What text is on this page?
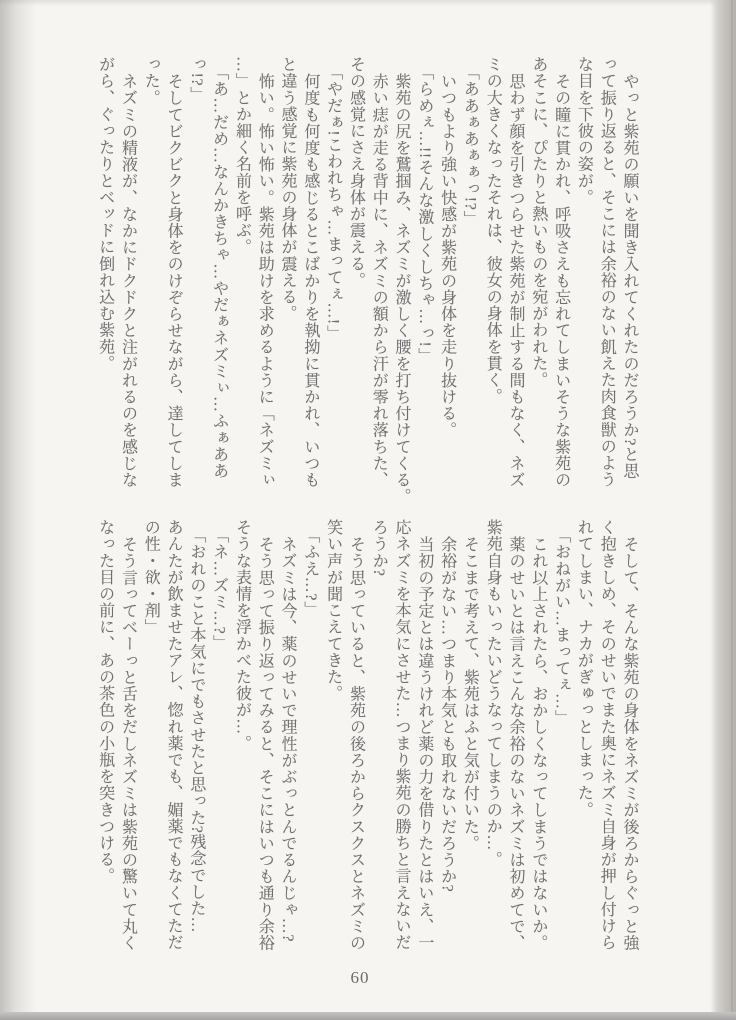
やっと紫苑の願いを聞き入れてくれたのだろうか?と思
って振り返ると、そこには余裕のない飢えた肉食獣のよう
な目を下彼の姿が。
その瞳に貫かれ、呼吸さえも忘れてしまいそうな紫苑の
あそこに、ぴたりと熱いものを宛がわれた。
思わず顔を引きつらせた紫苑が制止する間もなく、ネズ
ミの大きくなったそれは、彼女の身体を貫く。
「ああぁあぁぁっ!?」
いつもより強い快感が紫苑の身体を走り抜ける。
「らめぇ…!!そんな激しくしちゃ…っ!」
紫苑の尻を鷲掴み、ネズミが激しく腰を打ち付けてくる。
赤い痣が走る背中に、ネズミの額から汗が零れ落ちた、
その感覚にさえ身体が震える。
「やだぁ!こわれちゃ…まってぇ…!」
何度も何度も感じるとこばかりを執拗に貫かれ、いつも
と違う感覚に紫苑の身体が震える。
怖い。怖い怖い。紫苑は助けを求めるように「ネズミぃ
…」とか細く名前を呼ぶ。
「あ…だめ…なんかきちゃ…やだぁネズミぃ…ふぁああ
っ!?」
そしてビクビクと身体をのけぞらせながら、達してしま
った。
ネズミの精液が、なかにドクドクと注がれるのを感じな
がら、ぐったりとベッドに倒れ込む紫苑。
そして、そんな紫苑の身体をネズミが後ろからぐっと強
く抱きしめ、そのせいでまた奥にネズミ自身が押し付けら
れてしまい、ナカがぎゅっとしまった。
「おねがい…まってぇ…」
これ以上されたら、おかしくなってしまうではないか。
薬のせいとは言えこんな余裕のないネズミは初めてで、
紫苑自身もいったいどうなってしまうのか…。
そこまで考えて、紫苑はふと気が付いた。
余裕がない…つまり本気とも取れないだろうか?
当初の予定とは違うけれど薬の力を借りたとはいえ、一
応ネズミを本気にさせた…つまり紫苑の勝ちと言えないだ
ろうか?
そう思っていると、紫苑の後ろからクスクスとネズミの
笑い声が聞こえてきた。
「ふえ…?」
ネズミは今、薬のせいで理性がぶっとんでるんじゃ…?
そう思って振り返ってみると、そこにはいつも通り余裕
そうな表情を浮かべた彼が…。
「ネ…ズミ…?」
「おれのこと本気にでもさせたと思った?残念でした…
あんたが飲ませたアレ、惚れ薬でも、媚薬でもなくてただ
の性・欲・剤」
そう言ってベーっと舌をだしネズミは紫苑の驚いて丸く
なった目の前に、あの茶色の小瓶を突きつける。
60
